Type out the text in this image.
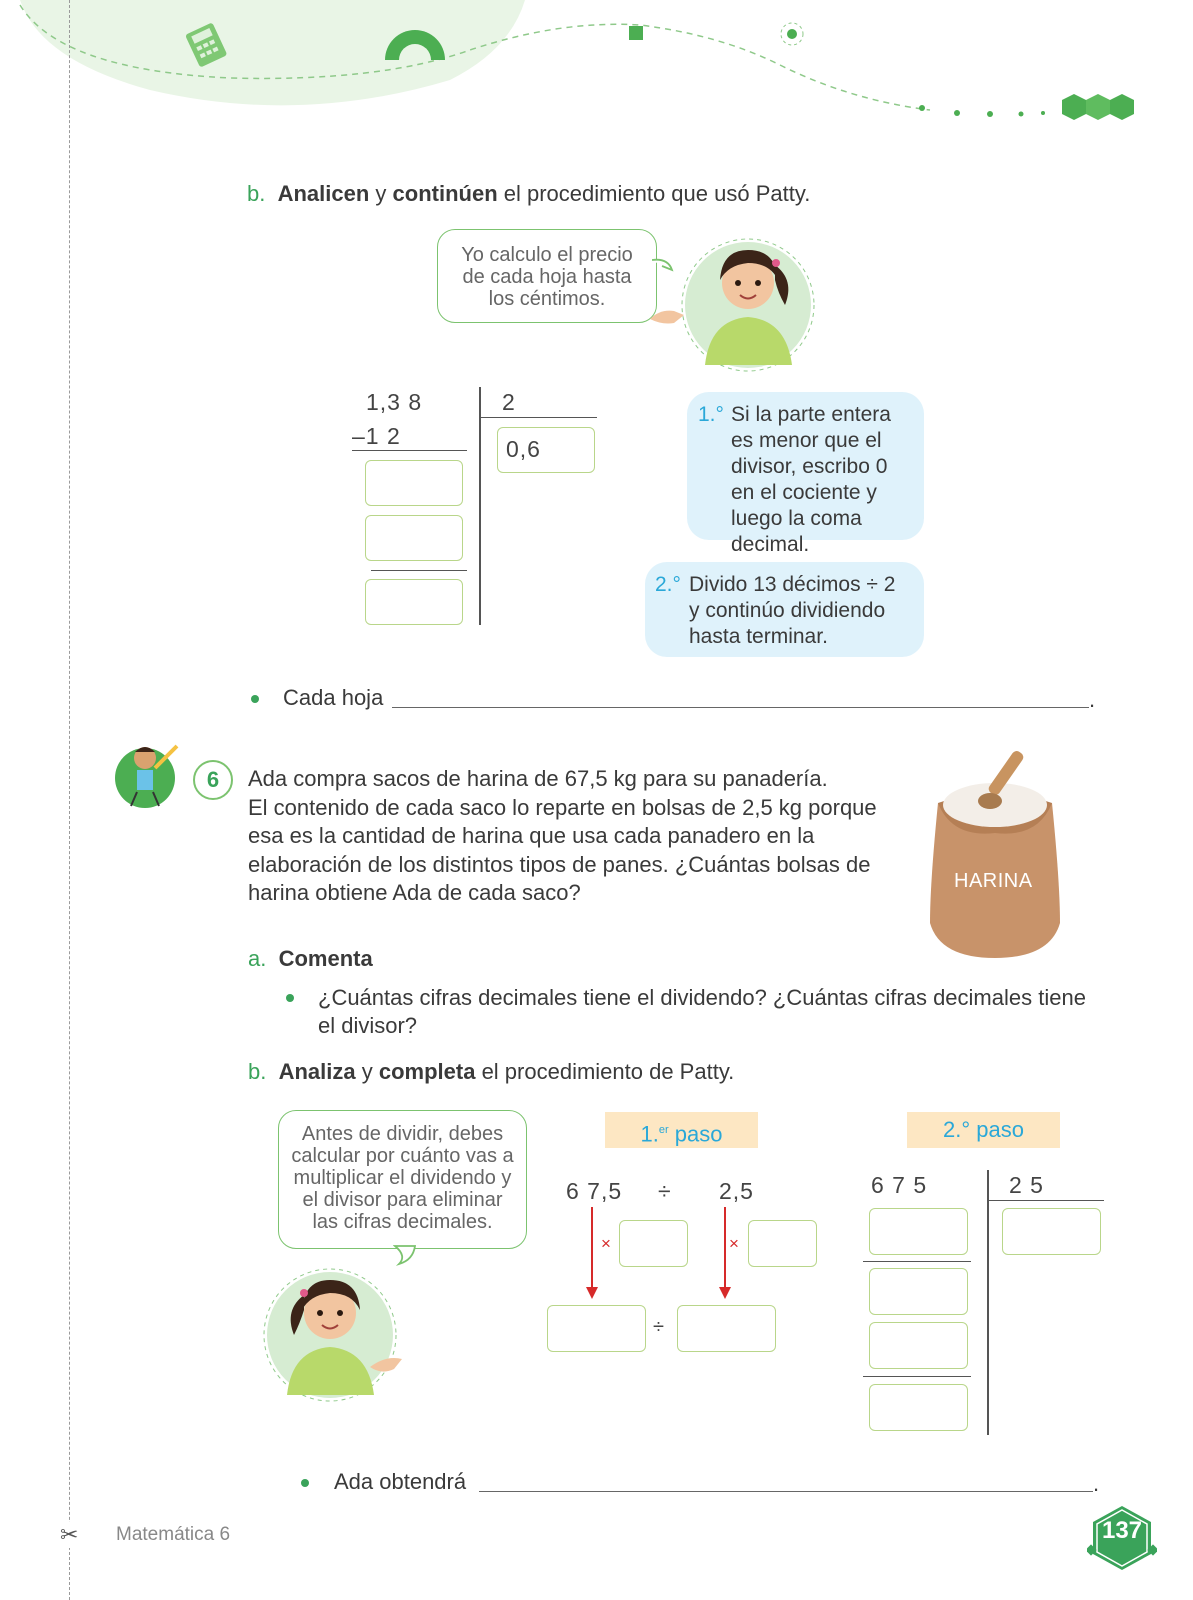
b. Analicen y continúen el procedimiento que usó Patty.
Yo calculo el precio de cada hoja hasta los céntimos.
1,3 8	2
–1 2	0,6
1.° Si la parte entera es menor que el divisor, escribo 0 en el cociente y luego la coma decimal.
2.° Divido 13 décimos ÷ 2 y continúo dividiendo hasta terminar.
Cada hoja	.
6	Ada compra sacos de harina de 67,5 kg para su panadería.
El contenido de cada saco lo reparte en bolsas de 2,5 kg porque
esa es la cantidad de harina que usa cada panadero en la
elaboración de los distintos tipos de panes. ¿Cuántas bolsas de
harina obtiene Ada de cada saco?	HARINA
a. Comenta
¿Cuántas cifras decimales tiene el dividendo? ¿Cuántas cifras decimales tiene
el divisor?
b. Analiza y completa el procedimiento de Patty.
Antes de dividir, debes calcular por cuánto vas a multiplicar el dividendo y el divisor para eliminar las cifras decimales.
1.$^{er}$ paso
6 7,5 ÷ 2,5
×	×
÷
2.° paso
6 7 5	2 5
Ada obtendrá	.
✂ Matemática 6	137
